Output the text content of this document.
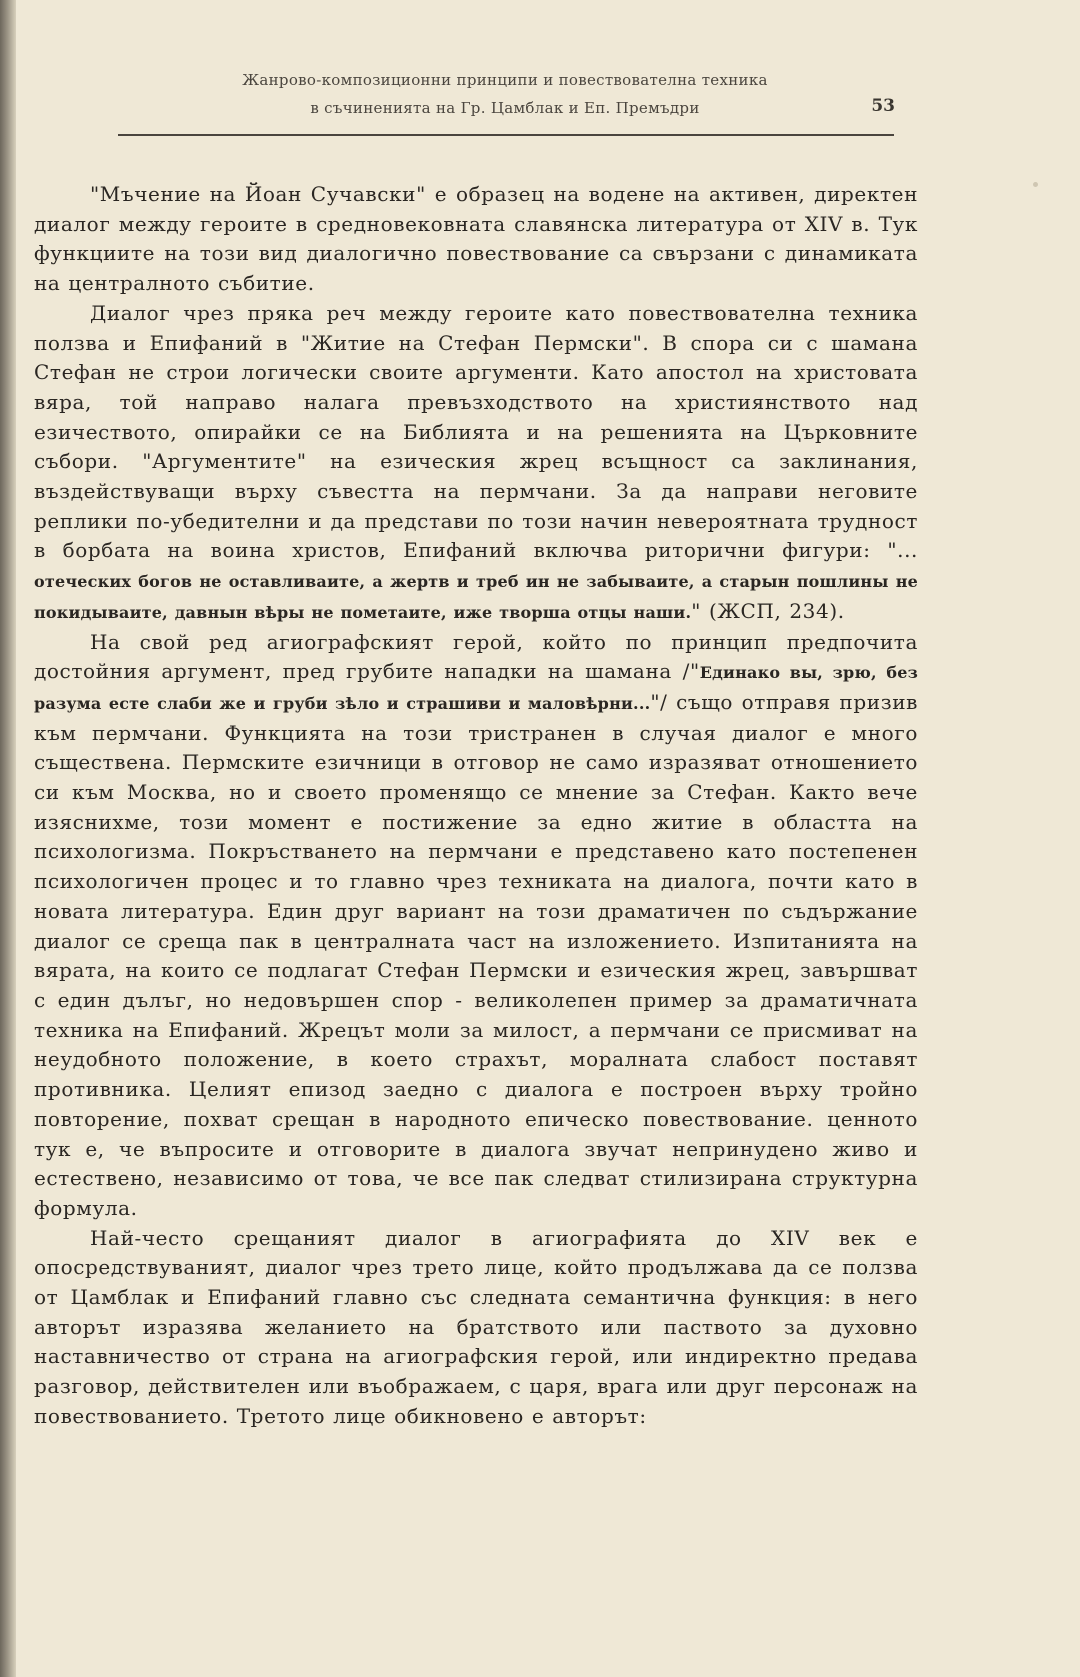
Жанрово-композиционни принципи и повествователна техника
в съчиненията на Гр. Цамблак и Еп. Премъдри	53

"Мъчение на Йоан Сучавски" е образец на водене на активен, директен диалог между героите в средновековната славянска литература от XIV в. Тук функциите на този вид диалогично повествование са свързани с динамиката на централното събитие.

Диалог чрез пряка реч между героите като повествователна техника ползва и Епифаний в "Житие на Стефан Пермски". В спора си с шамана Стефан не строи логически своите аргументи. Като апостол на христовата вяра, той направо налага превъзходството на християнството над езичеството, опирайки се на Библията и на решенията на Църковните събори. "Аргументите" на езическия жрец всъщност са заклинания, въздействуващи върху съвестта на пермчани. За да направи неговите реплики по-убедителни и да представи по този начин невероятната трудност в борбата на воина христов, Епифаний включва риторични фигури: "... отеческих богов не оставливаите, а жертв и треб ин не забываите, а старын пошлины не покидываите, давнын вѣры не пометаите, иже творша отцы наши." (ЖСП, 234).

На свой ред агиографският герой, който по принцип предпочита достойния аргумент, пред грубите нападки на шамана /"Единако вы, зрю, без разума есте слаби же и груби зѣло и страшиви и маловѣрни..."/ също отправя призив към пермчани. Функцията на този тристранен в случая диалог е много съществена. Пермските езичници в отговор не само изразяват отношението си към Москва, но и своето променящо се мнение за Стефан. Както вече изяснихме, този момент е постижение за едно житие в областта на психологизма. Покръстването на пермчани е представено като постепенен психологичен процес и то главно чрез техниката на диалога, почти като в новата литература. Един друг вариант на този драматичен по съдържание диалог се среща пак в централната част на изложението. Изпитанията на вярата, на които се подлагат Стефан Пермски и езическия жрец, завършват с един дълъг, но недовършен спор - великолепен пример за драматичната техника на Епифаний. Жрецът моли за милост, а пермчани се присмиват на неудобното положение, в което страхът, моралната слабост поставят противника. Целият епизод заедно с диалога е построен върху тройно повторение, похват срещан в народното епическо повествование. ценното тук е, че въпросите и отговорите в диалога звучат непринудено живо и естествено, независимо от това, че все пак следват стилизирана структурна формула.

Най-често срещаният диалог в агиографията до XIV век е опосредствуваният, диалог чрез трето лице, който продължава да се ползва от Цамблак и Епифаний главно със следната семантична функция: в него авторът изразява желанието на братството или паството за духовно наставничество от страна на агиографския герой, или индиректно предава разговор, действителен или въображаем, с царя, врага или друг персонаж на повествованието. Третото лице обикновено е авторът:
